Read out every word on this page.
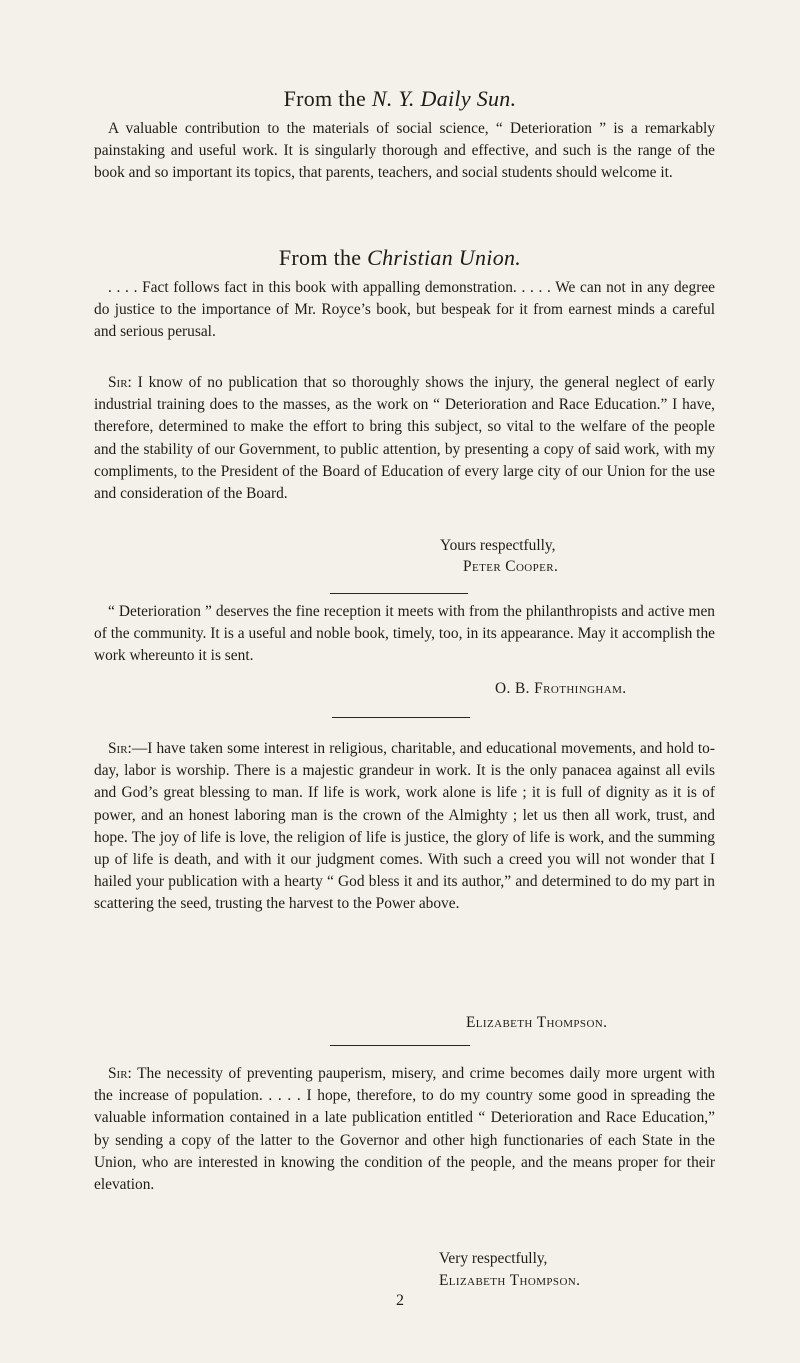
From the N. Y. Daily Sun.

A valuable contribution to the materials of social science, “ Deterioration ” is a remarkably painstaking and useful work. It is singularly thorough and effective, and such is the range of the book and so important its topics, that parents, teachers, and social students should welcome it.

From the Christian Union.

. . . . Fact follows fact in this book with appalling demonstration. . . . . We can not in any degree do justice to the importance of Mr. Royce’s book, but bespeak for it from earnest minds a careful and serious perusal.

Sir: I know of no publication that so thoroughly shows the injury, the general neglect of early industrial training does to the masses, as the work on “ Deterioration and Race Education.” I have, therefore, determined to make the effort to bring this subject, so vital to the welfare of the people and the stability of our Government, to public attention, by presenting a copy of said work, with my compliments, to the President of the Board of Education of every large city of our Union for the use and consideration of the Board.

Yours respectfully,
Peter Cooper.

“ Deterioration ” deserves the fine reception it meets with from the philanthropists and active men of the community. It is a useful and noble book, timely, too, in its appearance. May it accomplish the work whereunto it is sent.

O. B. Frothingham.

Sir:—I have taken some interest in religious, charitable, and educational movements, and hold to-day, labor is worship. There is a majestic grandeur in work. It is the only panacea against all evils and God’s great blessing to man. If life is work, work alone is life ; it is full of dignity as it is of power, and an honest laboring man is the crown of the Almighty ; let us then all work, trust, and hope. The joy of life is love, the religion of life is justice, the glory of life is work, and the summing up of life is death, and with it our judgment comes. With such a creed you will not wonder that I hailed your publication with a hearty “ God bless it and its author,” and determined to do my part in scattering the seed, trusting the harvest to the Power above.

Elizabeth Thompson.

Sir: The necessity of preventing pauperism, misery, and crime becomes daily more urgent with the increase of population. . . . . I hope, therefore, to do my country some good in spreading the valuable information contained in a late publication entitled “ Deterioration and Race Education,” by sending a copy of the latter to the Governor and other high functionaries of each State in the Union, who are interested in knowing the condition of the people, and the means proper for their elevation.

Very respectfully,
Elizabeth Thompson.
2
